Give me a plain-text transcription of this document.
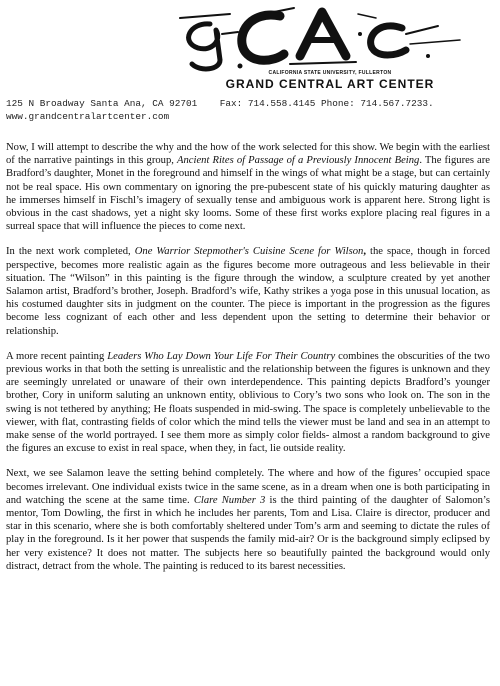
CALIFORNIA STATE UNIVERSITY, FULLERTON
GRAND CENTRAL ART CENTER
125 N Broadway Santa Ana, CA 92701    Fax: 714.558.4145 Phone: 714.567.7233.
www.grandcentralartcenter.com

Now, I will attempt to describe the why and the how of the work selected for this show. We begin with the earliest of the narrative paintings in this group, Ancient Rites of Passage of a Previously Innocent Being. The figures are Bradford’s daughter, Monet in the foreground and himself in the wings of what might be a stage, but can certainly not be real space. His own commentary on ignoring the pre-pubescent state of his quickly maturing daughter as he immerses himself in Fischl’s imagery of sexually tense and ambiguous work is apparent here. Strong light is obvious in the cast shadows, yet a night sky looms. Some of these first works explore placing real figures in a surreal space that will influence the pieces to come next.

In the next work completed, One Warrior Stepmother's Cuisine Scene for Wilson, the space, though in forced perspective, becomes more realistic again as the figures become more outrageous and less believable in their situation. The “Wilson” in this painting is the figure through the window, a sculpture created by yet another Salamon artist, Bradford’s brother, Joseph. Bradford’s wife, Kathy strikes a yoga pose in this unusual location, as his costumed daughter sits in judgment on the counter. The piece is important in the progression as the figures become less cognizant of each other and less dependent upon the setting to determine their behavior or relationship.

A more recent painting Leaders Who Lay Down Your Life For Their Country combines the obscurities of the two previous works in that both the setting is unrealistic and the relationship between the figures is unknown and they are seemingly unrelated or unaware of their own interdependence. This painting depicts Bradford’s younger brother, Cory in uniform saluting an unknown entity, oblivious to Cory’s two sons who look on. The son in the swing is not tethered by anything; He floats suspended in mid-swing. The space is completely unbelievable to the viewer, with flat, contrasting fields of color which the mind tells the viewer must be land and sea in an attempt to make sense of the world portrayed. I see them more as simply color fields- almost a random background to give the figures an excuse to exist in real space, when they, in fact, lie outside reality.

Next, we see Salamon leave the setting behind completely. The where and how of the figures’ occupied space becomes irrelevant. One individual exists twice in the same scene, as in a dream when one is both participating in and watching the scene at the same time. Clare Number 3 is the third painting of the daughter of Salomon’s mentor, Tom Dowling, the first in which he includes her parents, Tom and Lisa. Claire is director, producer and star in this scenario, where she is both comfortably sheltered under Tom’s arm and seeming to dictate the rules of play in the foreground. Is it her power that suspends the family mid-air? Or is the background simply eclipsed by her very existence? It does not matter. The subjects here so beautifully painted the background would only distract, detract from the whole. The painting is reduced to its barest necessities.
